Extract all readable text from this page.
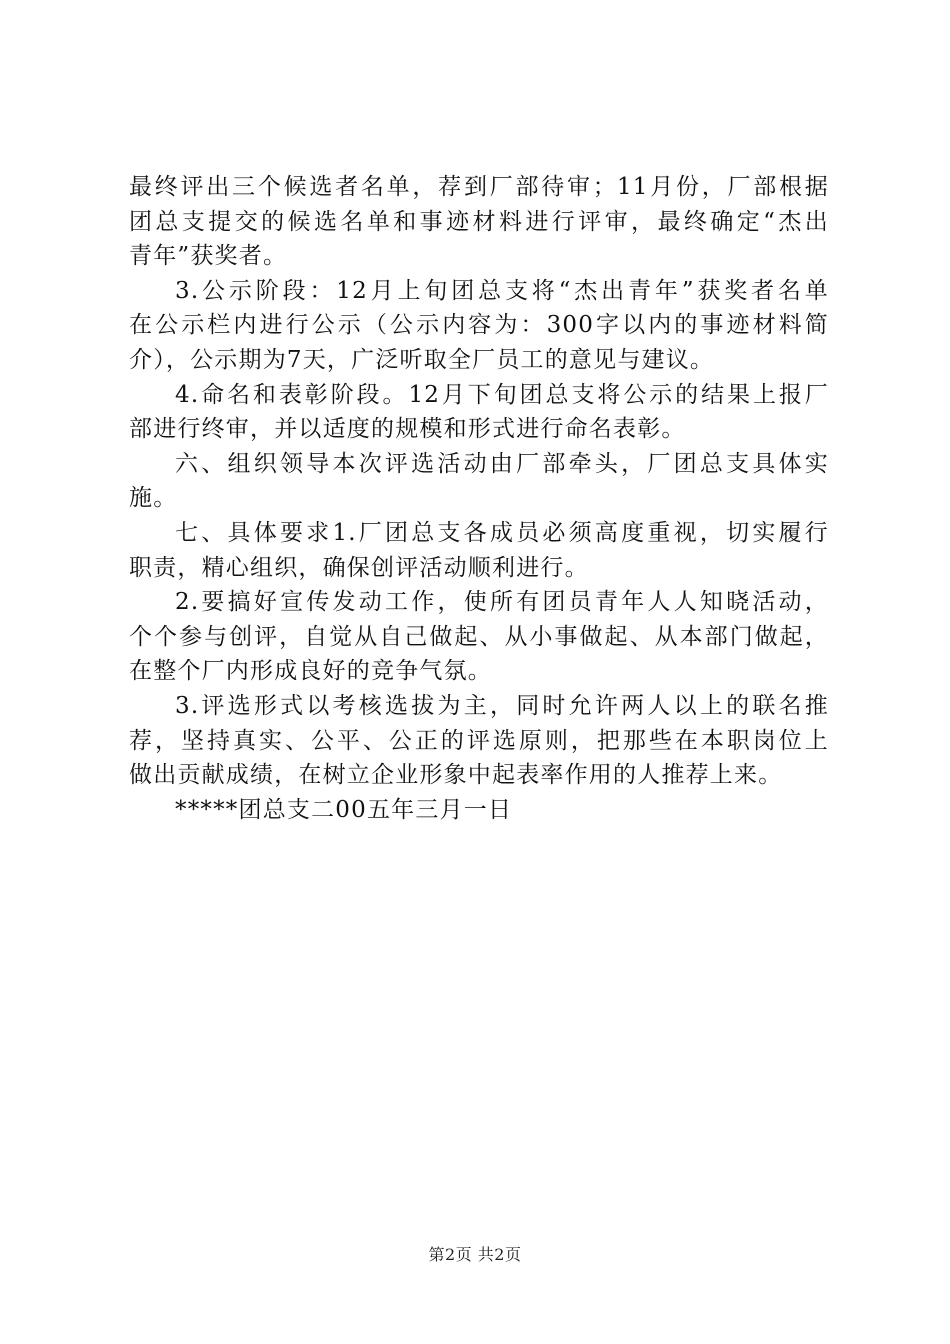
最终评出三个候选者名单，荐到厂部待审；11月份，厂部根据
团总支提交的候选名单和事迹材料进行评审，最终确定“杰出
青年”获奖者。
3.公示阶段：12月上旬团总支将“杰出青年”获奖者名单
在公示栏内进行公示（公示内容为：300字以内的事迹材料简
介），公示期为7天，广泛听取全厂员工的意见与建议。
4.命名和表彰阶段。12月下旬团总支将公示的结果上报厂
部进行终审，并以适度的规模和形式进行命名表彰。
六、组织领导本次评选活动由厂部牵头，厂团总支具体实
施。
七、具体要求1.厂团总支各成员必须高度重视，切实履行
职责，精心组织，确保创评活动顺利进行。
2.要搞好宣传发动工作，使所有团员青年人人知晓活动，
个个参与创评，自觉从自己做起、从小事做起、从本部门做起，
在整个厂内形成良好的竞争气氛。
3.评选形式以考核选拔为主，同时允许两人以上的联名推
荐，坚持真实、公平、公正的评选原则，把那些在本职岗位上
做出贡献成绩，在树立企业形象中起表率作用的人推荐上来。
*****团总支二00五年三月一日
第2页 共2页
